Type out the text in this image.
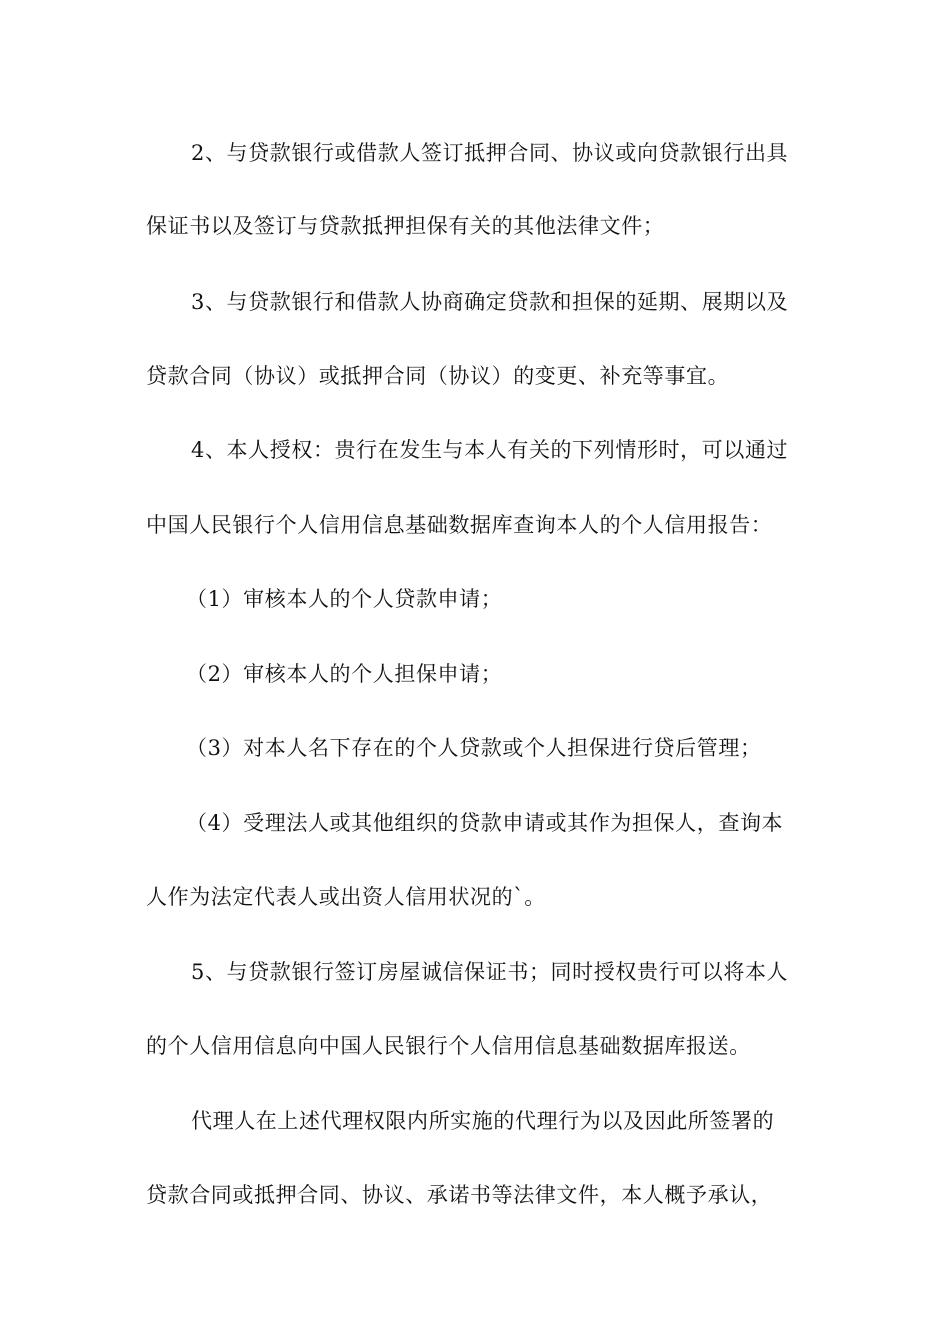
2、与贷款银行或借款人签订抵押合同、协议或向贷款银行出具
保证书以及签订与贷款抵押担保有关的其他法律文件；
3、与贷款银行和借款人协商确定贷款和担保的延期、展期以及
贷款合同（协议）或抵押合同（协议）的变更、补充等事宜。
4、本人授权：贵行在发生与本人有关的下列情形时，可以通过
中国人民银行个人信用信息基础数据库查询本人的个人信用报告：
（1）审核本人的个人贷款申请；
（2）审核本人的个人担保申请；
（3）对本人名下存在的个人贷款或个人担保进行贷后管理；
（4）受理法人或其他组织的贷款申请或其作为担保人，查询本
人作为法定代表人或出资人信用状况的`。
5、与贷款银行签订房屋诚信保证书；同时授权贵行可以将本人
的个人信用信息向中国人民银行个人信用信息基础数据库报送。
代理人在上述代理权限内所实施的代理行为以及因此所签署的
贷款合同或抵押合同、协议、承诺书等法律文件，本人概予承认，
